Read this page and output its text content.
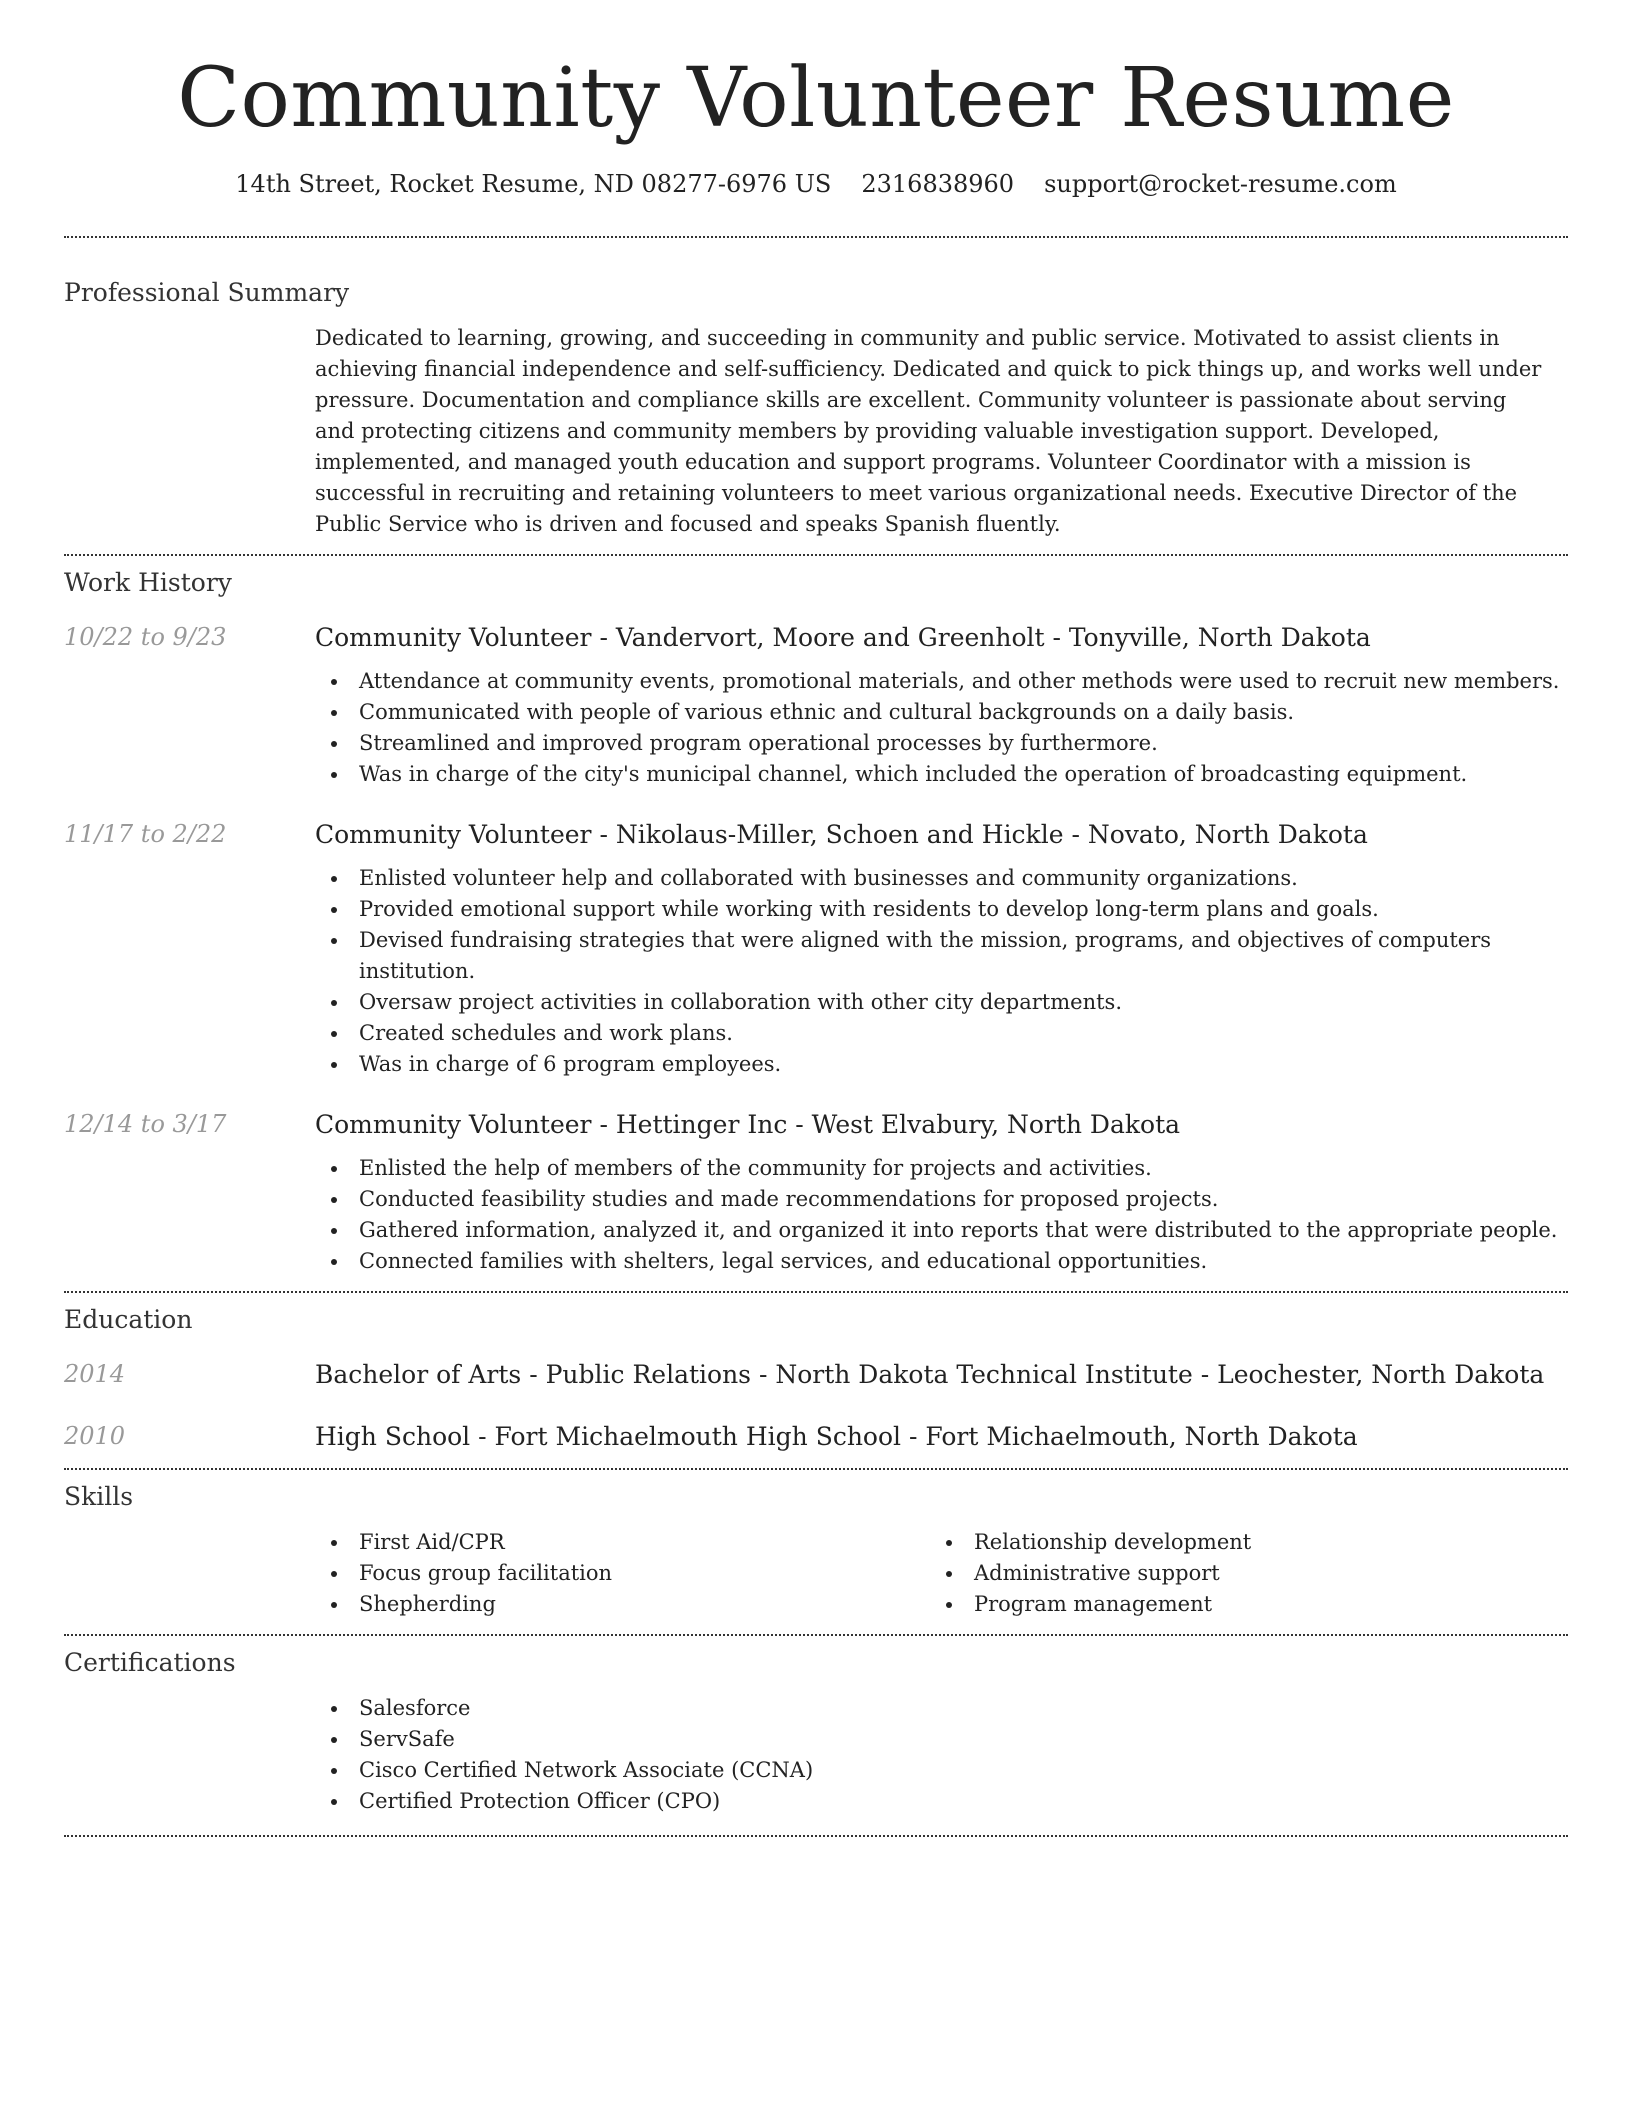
Community Volunteer Resume
14th Street, Rocket Resume, ND 08277-6976 US 2316838960 support@rocket-resume.com
Professional Summary
Dedicated to learning, growing, and succeeding in community and public service. Motivated to assist clients in achieving financial independence and self-sufficiency. Dedicated and quick to pick things up, and works well under pressure. Documentation and compliance skills are excellent. Community volunteer is passionate about serving and protecting citizens and community members by providing valuable investigation support. Developed, implemented, and managed youth education and support programs. Volunteer Coordinator with a mission is successful in recruiting and retaining volunteers to meet various organizational needs. Executive Director of the Public Service who is driven and focused and speaks Spanish fluently.
Work History
10/22 to 9/23	Community Volunteer - Vandervort, Moore and Greenholt - Tonyville, North Dakota
Attendance at community events, promotional materials, and other methods were used to recruit new members.
Communicated with people of various ethnic and cultural backgrounds on a daily basis.
Streamlined and improved program operational processes by furthermore.
Was in charge of the city's municipal channel, which included the operation of broadcasting equipment.
11/17 to 2/22	Community Volunteer - Nikolaus-Miller, Schoen and Hickle - Novato, North Dakota
Enlisted volunteer help and collaborated with businesses and community organizations.
Provided emotional support while working with residents to develop long-term plans and goals.
Devised fundraising strategies that were aligned with the mission, programs, and objectives of computers institution.
Oversaw project activities in collaboration with other city departments.
Created schedules and work plans.
Was in charge of 6 program employees.
12/14 to 3/17	Community Volunteer - Hettinger Inc - West Elvabury, North Dakota
Enlisted the help of members of the community for projects and activities.
Conducted feasibility studies and made recommendations for proposed projects.
Gathered information, analyzed it, and organized it into reports that were distributed to the appropriate people.
Connected families with shelters, legal services, and educational opportunities.
Education
2014	Bachelor of Arts - Public Relations - North Dakota Technical Institute - Leochester, North Dakota
2010	High School - Fort Michaelmouth High School - Fort Michaelmouth, North Dakota
Skills
First Aid/CPR
Focus group facilitation
Shepherding
Relationship development
Administrative support
Program management
Certifications
Salesforce
ServSafe
Cisco Certified Network Associate (CCNA)
Certified Protection Officer (CPO)
